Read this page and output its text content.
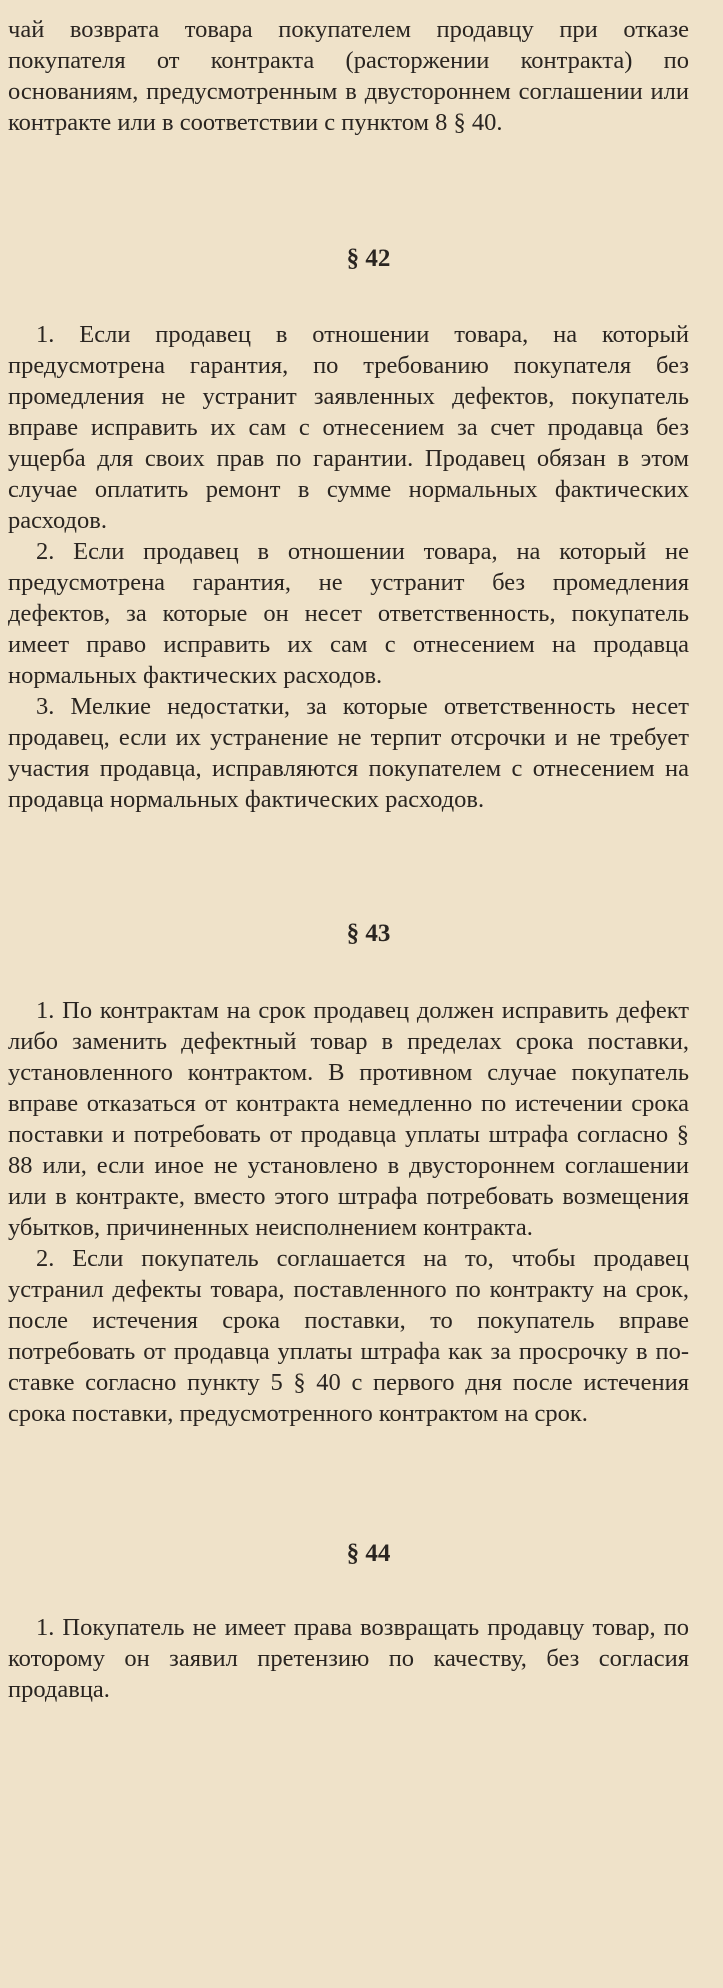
чай возврата товара покупателем продавцу при отказе покупателя от контракта (расторжении контракта) по основаниям, предусмотренным в двустороннем соглашении или контракте или в соответствии с пунктом 8 § 40.

§ 42

1. Если продавец в отношении товара, на который предусмотрена гарантия, по требованию покупателя без промедления не устранит заявленных дефектов, покупатель вправе исправить их сам с отнесением за счет продавца без ущерба для своих прав по гарантии. Продавец обязан в этом случае оплатить ремонт в сумме нормальных фактических расходов.

2. Если продавец в отношении товара, на который не предусмотрена гарантия, не устранит без промедления дефектов, за которые он несет ответственность, покупатель имеет право исправить их сам с отнесением на продавца нормальных фактических расходов.

3. Мелкие недостатки, за которые ответственность несет продавец, если их устранение не терпит отсрочки и не требует участия продавца, исправляются покупателем с отнесением на продавца нормальных фактических расходов.

§ 43

1. По контрактам на срок продавец должен исправить дефект либо заменить дефектный товар в пределах срока поставки, установленного контрактом. В противном случае покупатель вправе отказаться от контракта немедленно по истечении срока поставки и потребовать от продавца уплаты штрафа согласно § 88 или, если иное не установлено в двустороннем соглашении или в контракте, вместо этого штрафа потребовать возмещения убытков, причиненных неисполнением контракта.

2. Если покупатель соглашается на то, чтобы продавец устранил дефекты товара, поставленного по контракту на срок, после истечения срока поставки, то покупатель вправе потребовать от продавца уплаты штрафа как за просрочку в поставке согласно пункту 5 § 40 с первого дня после истечения срока поставки, предусмотренного контрактом на срок.

§ 44

1. Покупатель не имеет права возвращать продавцу товар, по которому он заявил претензию по качеству, без согласия продавца.
